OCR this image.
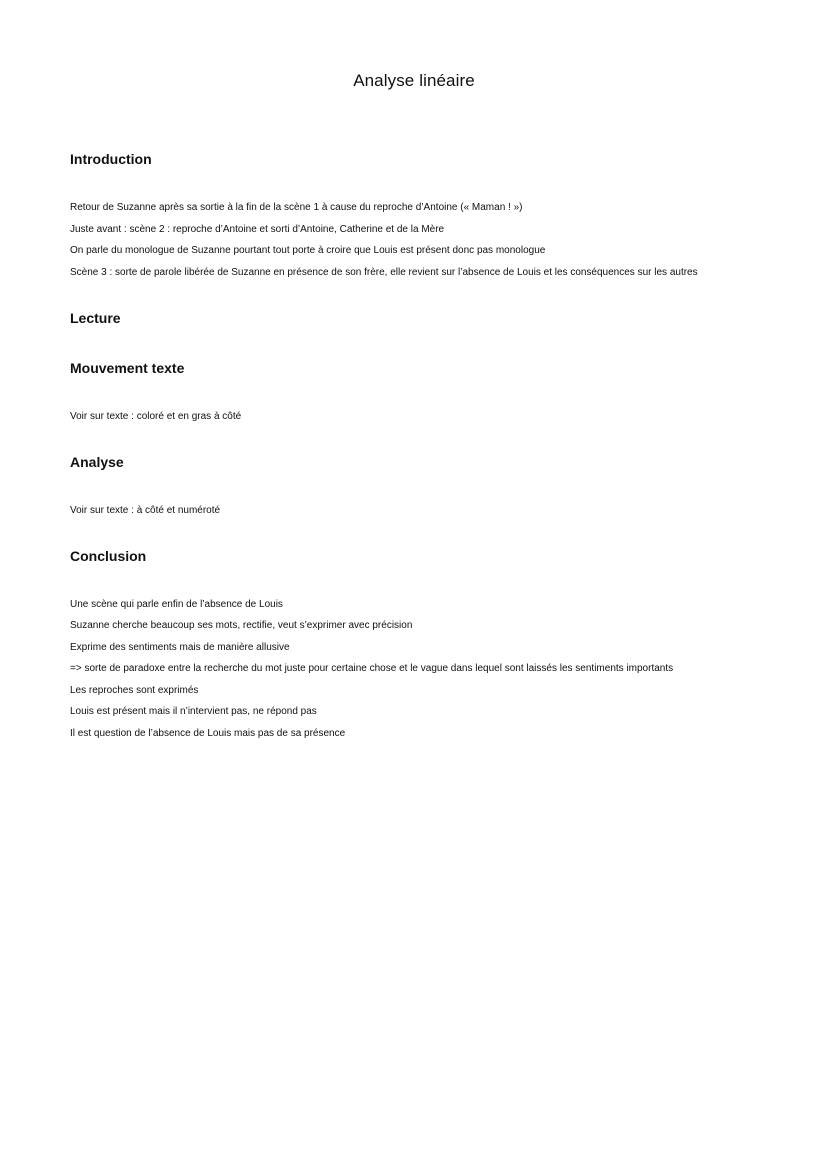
Analyse linéaire
Introduction
Retour de Suzanne après sa sortie à la fin de la scène 1 à cause du reproche d’Antoine (« Maman ! »)
Juste avant : scène 2 : reproche d’Antoine et sorti d’Antoine, Catherine et de la Mère
On parle du monologue de Suzanne pourtant tout porte à croire que Louis est présent donc pas monologue
Scène 3 : sorte de parole libérée de Suzanne en présence de son frère, elle revient sur l’absence de Louis et les conséquences sur les autres
Lecture
Mouvement texte
Voir sur texte : coloré et en gras à côté
Analyse
Voir sur texte : à côté et numéroté
Conclusion
Une scène qui parle enfin de l’absence de Louis
Suzanne cherche beaucoup ses mots, rectifie, veut s’exprimer avec précision
Exprime des sentiments mais de manière allusive
=> sorte de paradoxe entre la recherche du mot juste pour certaine chose et le vague dans lequel sont laissés les sentiments importants
Les reproches sont exprimés
Louis est présent mais il n’intervient pas, ne répond pas
Il est question de l’absence de Louis mais pas de sa présence
